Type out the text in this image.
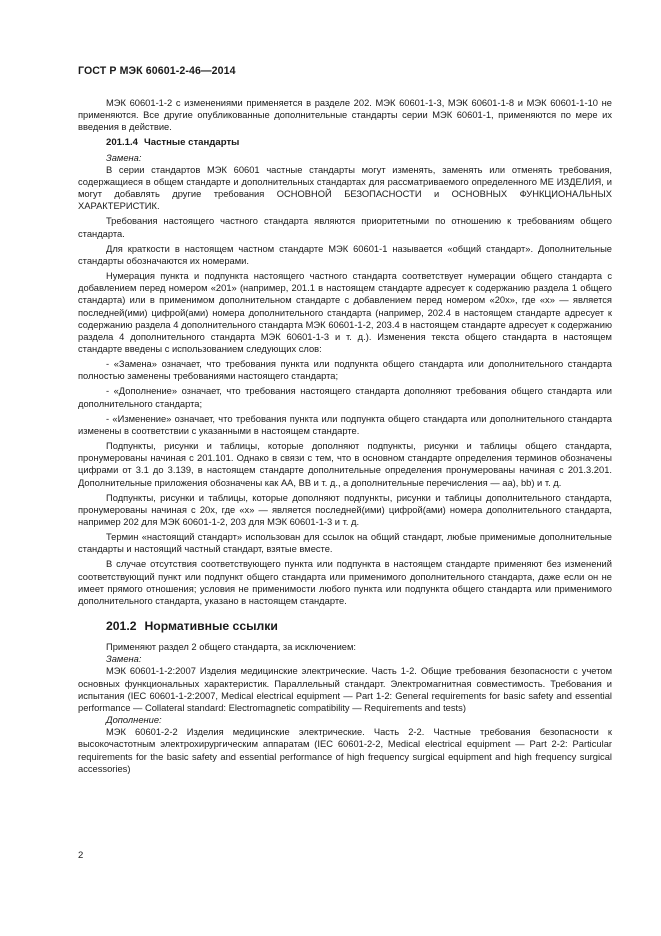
ГОСТ Р МЭК 60601-2-46—2014

МЭК 60601-1-2 с изменениями применяется в разделе 202. МЭК 60601-1-3, МЭК 60601-1-8 и МЭК 60601-1-10 не применяются. Все другие опубликованные дополнительные стандарты серии МЭК 60601-1, применяются по мере их введения в действие.

201.1.4 Частные стандарты

Замена:

В серии стандартов МЭК 60601 частные стандарты могут изменять, заменять или отменять требования, содержащиеся в общем стандарте и дополнительных стандартах для рассматриваемого определенного МЕ ИЗДЕЛИЯ, и могут добавлять другие требования ОСНОВНОЙ БЕЗОПАСНОСТИ и ОСНОВНЫХ ФУНКЦИОНАЛЬНЫХ ХАРАКТЕРИСТИК.

Требования настоящего частного стандарта являются приоритетными по отношению к требованиям общего стандарта.

Для краткости в настоящем частном стандарте МЭК 60601-1 называется «общий стандарт». Дополнительные стандарты обозначаются их номерами.

Нумерация пункта и подпункта настоящего частного стандарта соответствует нумерации общего стандарта с добавлением перед номером «201» (например, 201.1 в настоящем стандарте адресует к содержанию раздела 1 общего стандарта) или в применимом дополнительном стандарте с добавлением перед номером «20х», где «х» — является последней(ими) цифрой(ами) номера дополнительного стандарта (например, 202.4 в настоящем стандарте адресует к содержанию раздела 4 дополнительного стандарта МЭК 60601-1-2, 203.4 в настоящем стандарте адресует к содержанию раздела 4 дополнительного стандарта МЭК 60601-1-3 и т. д.). Изменения текста общего стандарта в настоящем стандарте введены с использованием следующих слов:

- «Замена» означает, что требования пункта или подпункта общего стандарта или дополнительного стандарта полностью заменены требованиями настоящего стандарта;

- «Дополнение» означает, что требования настоящего стандарта дополняют требования общего стандарта или дополнительного стандарта;

- «Изменение» означает, что требования пункта или подпункта общего стандарта или дополнительного стандарта изменены в соответствии с указанными в настоящем стандарте.

Подпункты, рисунки и таблицы, которые дополняют подпункты, рисунки и таблицы общего стандарта, пронумерованы начиная с 201.101. Однако в связи с тем, что в основном стандарте определения терминов обозначены цифрами от 3.1 до 3.139, в настоящем стандарте дополнительные определения пронумерованы начиная с 201.3.201. Дополнительные приложения обозначены как АА, ВВ и т. д., а дополнительные перечисления — аа), bb) и т. д.

Подпункты, рисунки и таблицы, которые дополняют подпункты, рисунки и таблицы дополнительного стандарта, пронумерованы начиная с 20х, где «х» — является последней(ими) цифрой(ами) номера дополнительного стандарта, например 202 для МЭК 60601-1-2, 203 для МЭК 60601-1-3 и т. д.

Термин «настоящий стандарт» использован для ссылок на общий стандарт, любые применимые дополнительные стандарты и настоящий частный стандарт, взятые вместе.

В случае отсутствия соответствующего пункта или подпункта в настоящем стандарте применяют без изменений соответствующий пункт или подпункт общего стандарта или применимого дополнительного стандарта, даже если он не имеет прямого отношения; условия не применимости любого пункта или подпункта общего стандарта или применимого дополнительного стандарта, указано в настоящем стандарте.

201.2 Нормативные ссылки

Применяют раздел 2 общего стандарта, за исключением:

Замена:

МЭК 60601-1-2:2007 Изделия медицинские электрические. Часть 1-2. Общие требования безопасности с учетом основных функциональных характеристик. Параллельный стандарт. Электромагнитная совместимость. Требования и испытания (IEC 60601-1-2:2007, Medical electrical equipment — Part 1-2: General requirements for basic safety and essential performance — Collateral standard: Electromagnetic compatibility — Requirements and tests)

Дополнение:

МЭК 60601-2-2 Изделия медицинские электрические. Часть 2-2. Частные требования безопасности к высокочастотным электрохирургическим аппаратам (IEC 60601-2-2, Medical electrical equipment — Part 2-2: Particular requirements for the basic safety and essential performance of high frequency surgical equipment and high frequency surgical accessories)

2
